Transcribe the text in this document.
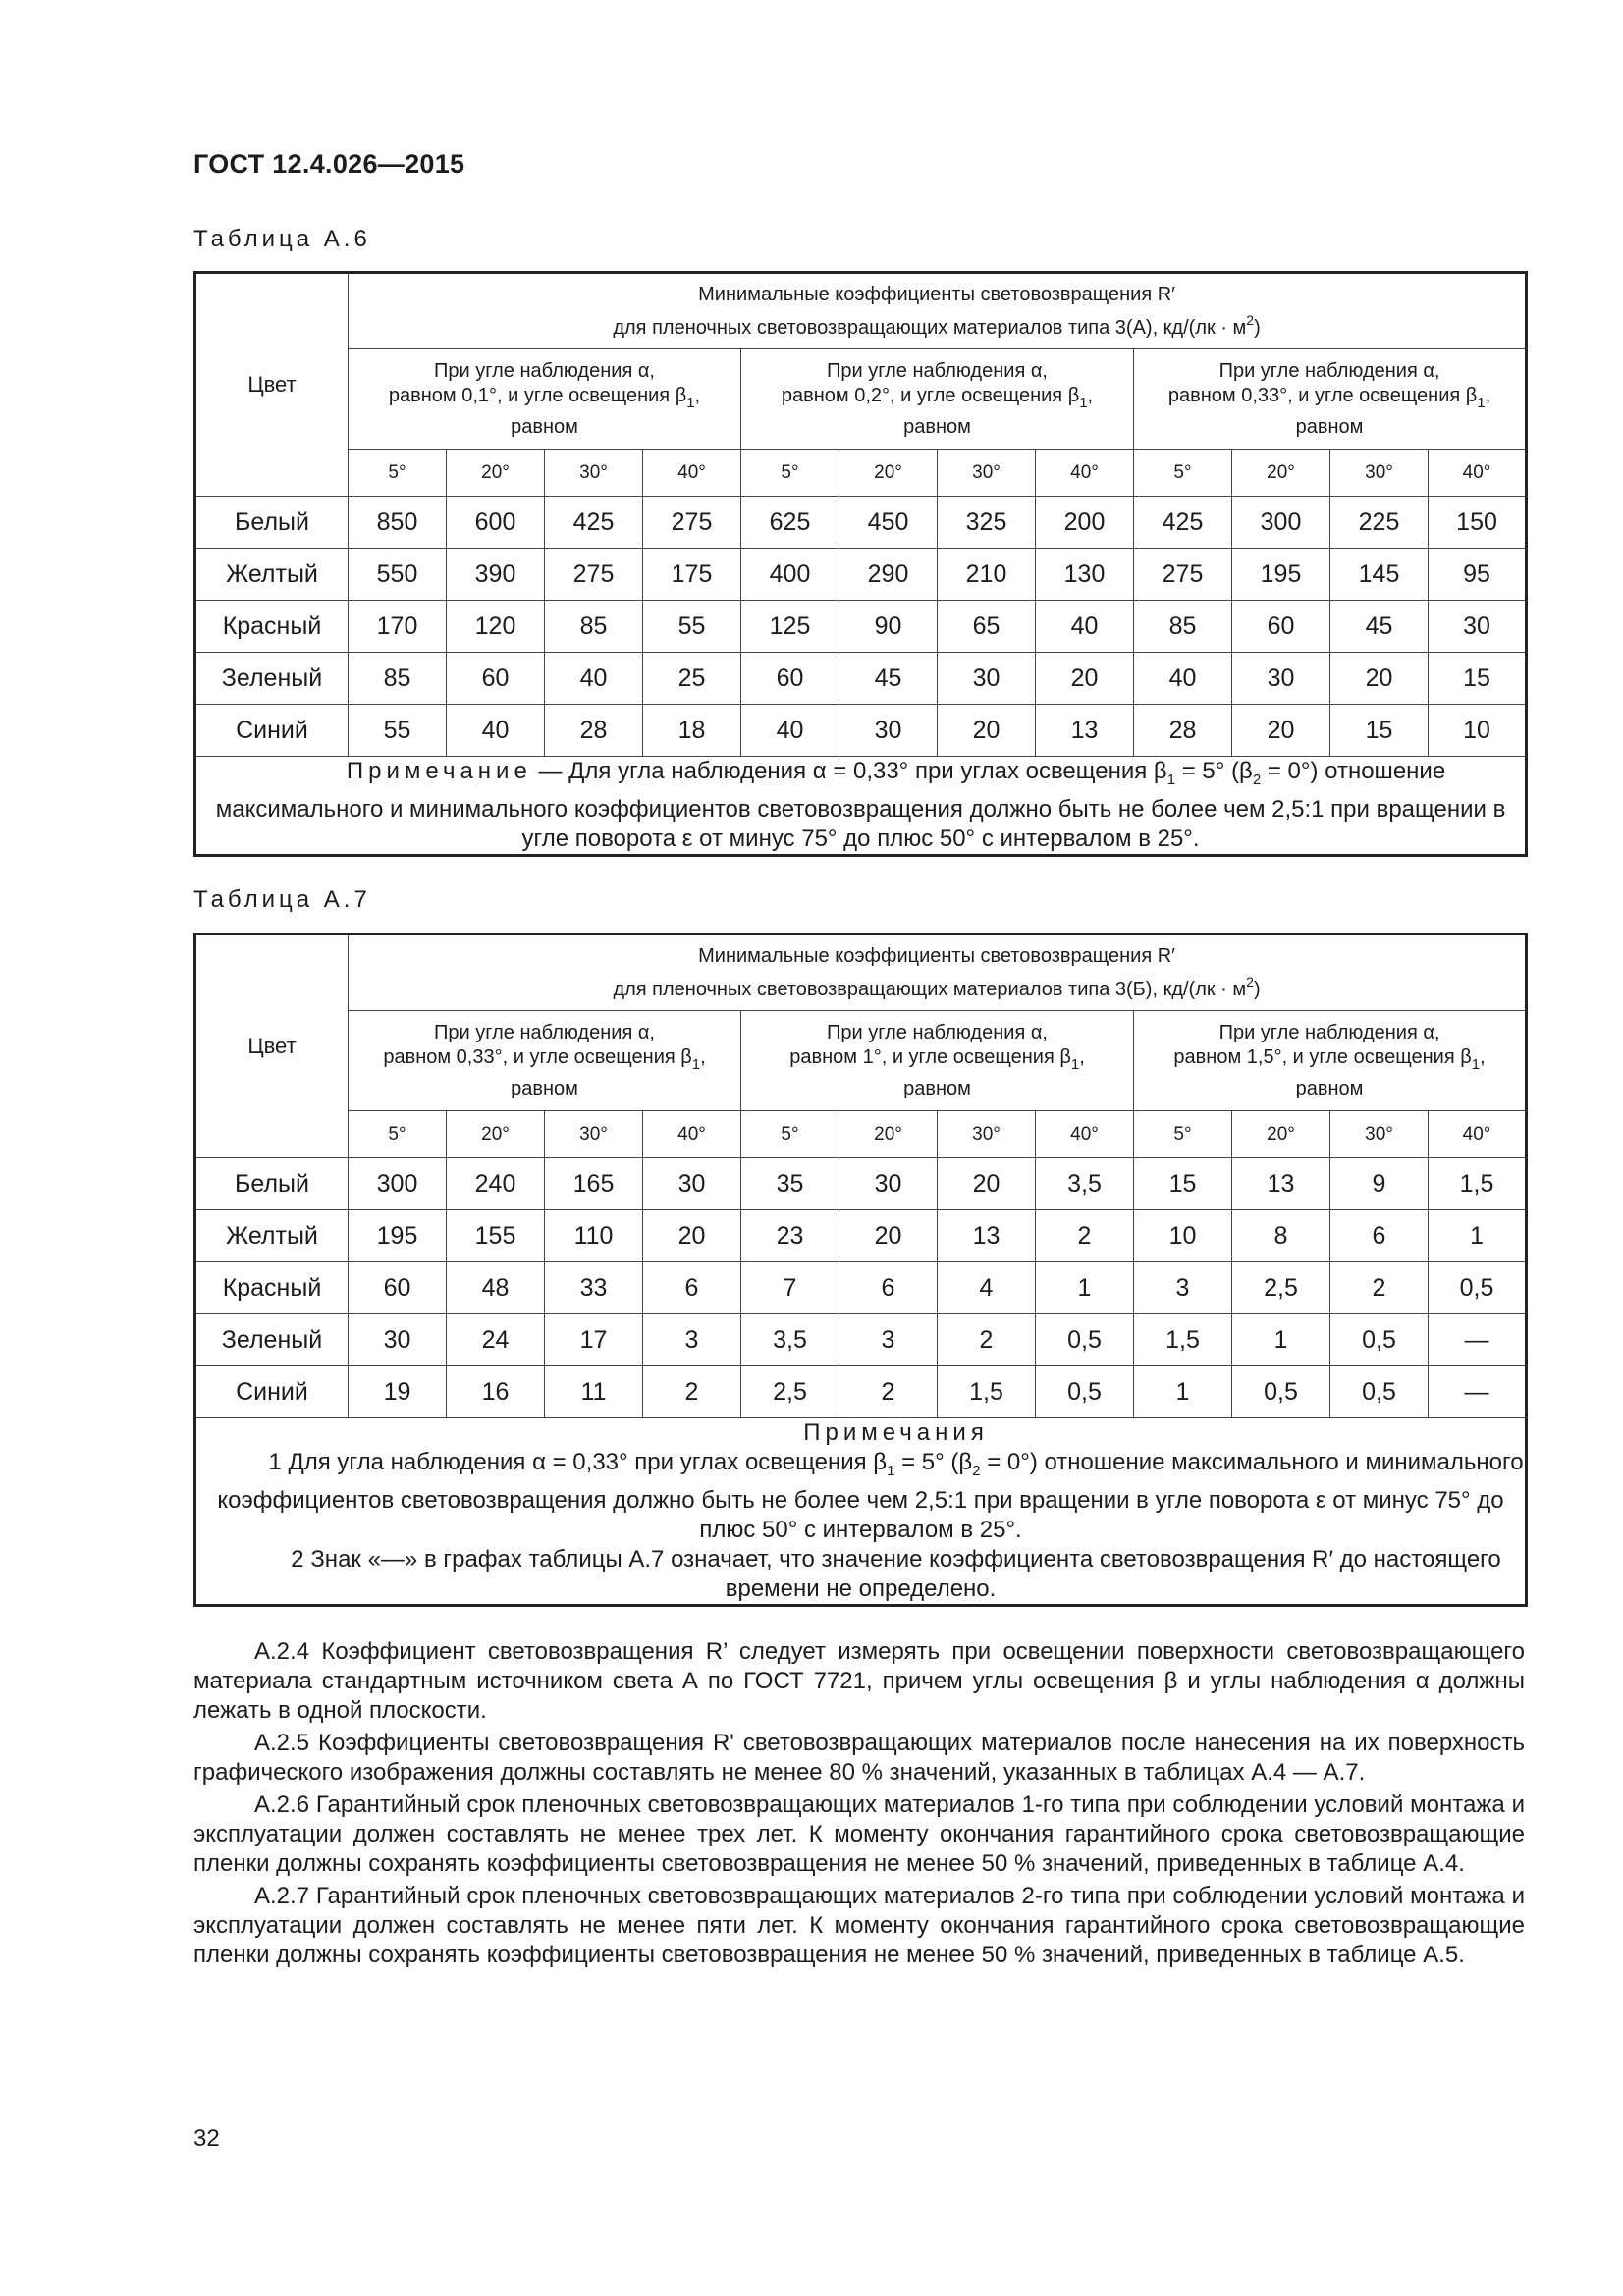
ГОСТ 12.4.026—2015
Таблица А.6
Цвет	Минимальные коэффициенты световозвращения R′
для пленочных световозвращающих материалов типа 3(А), $кд/(лк \cdot м^2)$											
	При угле наблюдения α,
равном 0,1°, и угле освещения $\beta_1$,
равном				При угле наблюдения α,
равном 0,2°, и угле освещения $\beta_1$,
равном				При угле наблюдения α,
равном 0,33°, и угле освещения $\beta_1$,
равном			
	5°	20°	30°	40°	5°	20°	30°	40°	5°	20°	30°	40°
Белый	850	600	425	275	625	450	325	200	425	300	225	150
Желтый	550	390	275	175	400	290	210	130	275	195	145	95
Красный	170	120	85	55	125	90	65	40	85	60	45	30
Зеленый	85	60	40	25	60	45	30	20	40	30	20	15
Синий	55	40	28	18	40	30	20	13	28	20	15	10
Примечание — Для угла наблюдения α = 0,33° при углах освещения $\beta_1 = 5^\circ$ $(\beta_2 = 0^\circ)$ отношение максимального и минимального коэффициентов световозвращения должно быть не более чем 2,5:1 при вращении в угле поворота ε от минус 75° до плюс 50° с интервалом в 25°.												
Таблица А.7
Цвет	Минимальные коэффициенты световозвращения R′
для пленочных световозвращающих материалов типа 3(Б), $кд/(лк \cdot м^2)$											
	При угле наблюдения α,
равном 0,33°, и угле освещения $\beta_1$,
равном				При угле наблюдения α,
равном 1°, и угле освещения $\beta_1$,
равном				При угле наблюдения α,
равном 1,5°, и угле освещения $\beta_1$,
равном			
	5°	20°	30°	40°	5°	20°	30°	40°	5°	20°	30°	40°
Белый	300	240	165	30	35	30	20	3,5	15	13	9	1,5
Желтый	195	155	110	20	23	20	13	2	10	8	6	1
Красный	60	48	33	6	7	6	4	1	3	2,5	2	0,5
Зеленый	30	24	17	3	3,5	3	2	0,5	1,5	1	0,5	—
Синий	19	16	11	2	2,5	2	1,5	0,5	1	0,5	0,5	—
Примечания
1 Для угла наблюдения α = 0,33° при углах освещения $\beta_1 = 5^\circ$ $(\beta_2 = 0^\circ)$ отношение максимального и минимального коэффициентов световозвращения должно быть не более чем 2,5:1 при вращении в угле поворота ε от минус 75° до плюс 50° с интервалом в 25°.
2 Знак «—» в графах таблицы А.7 означает, что значение коэффициента световозвращения R′ до настоящего времени не определено.												

А.2.4 Коэффициент световозвращения R’ следует измерять при освещении поверхности световозвращающего материала стандартным источником света А по ГОСТ 7721, причем углы освещения β и углы наблюдения α должны лежать в одной плоскости.

А.2.5 Коэффициенты световозвращения R' световозвращающих материалов после нанесения на их поверхность графического изображения должны составлять не менее 80 % значений, указанных в таблицах А.4 — А.7.

А.2.6 Гарантийный срок пленочных световозвращающих материалов 1-го типа при соблюдении условий монтажа и эксплуатации должен составлять не менее трех лет. К моменту окончания гарантийного срока световозвращающие пленки должны сохранять коэффициенты световозвращения не менее 50 % значений, приведенных в таблице А.4.

А.2.7 Гарантийный срок пленочных световозвращающих материалов 2-го типа при соблюдении условий монтажа и эксплуатации должен составлять не менее пяти лет. К моменту окончания гарантийного срока световозвращающие пленки должны сохранять коэффициенты световозвращения не менее 50 % значений, приведенных в таблице А.5.

32
